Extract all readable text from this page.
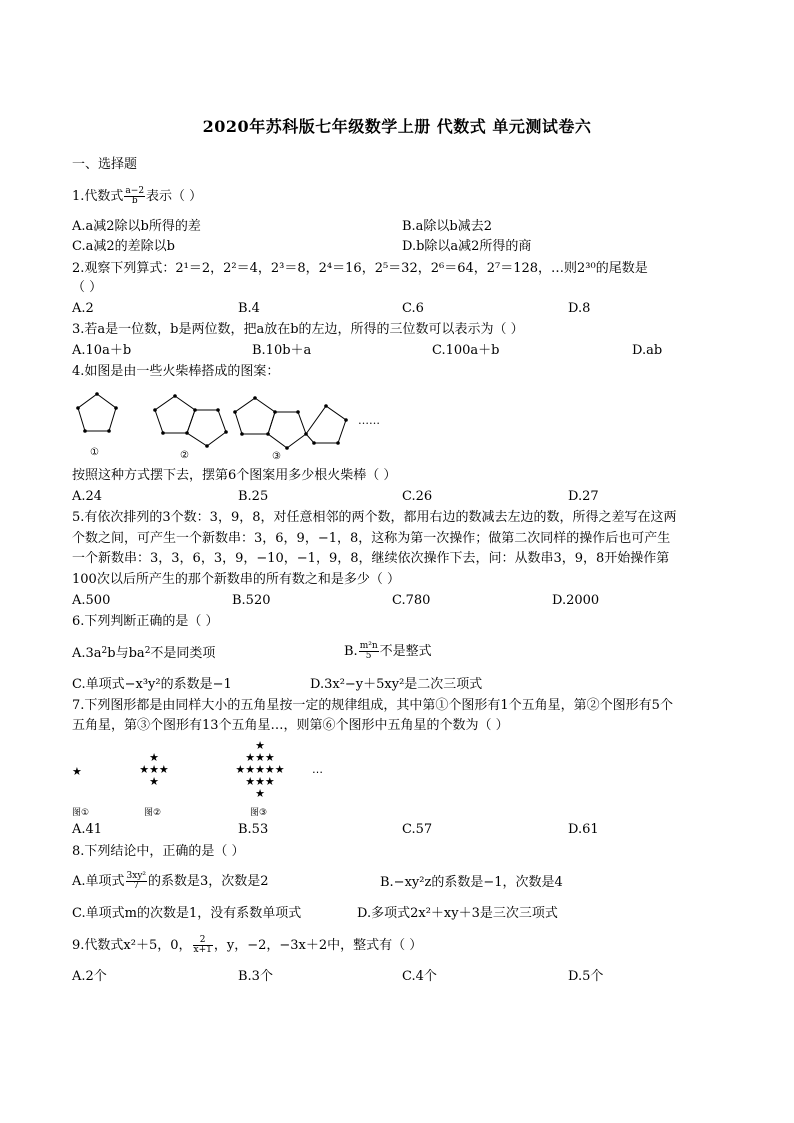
2020年苏科版七年级数学上册 代数式 单元测试卷六
一、选择题
1.代数式 $\frac{a-2}{b}$ 表示（ ）
A.a减2除以b所得的差	B.a除以b减去2
C.a减2的差除以b	D.b除以a减2所得的商
2.观察下列算式：2¹＝2，2²＝4，2³＝8，2⁴＝16，2⁵＝32，2⁶＝64，2⁷＝128，…则2³⁰的尾数是
（ ）
A.2	B.4	C.6	D.8
3.若a是一位数，b是两位数，把a放在b的左边，所得的三位数可以表示为（ ）
A.10a＋b	B.10b＋a	C.100a＋b	D.ab
4.如图是由一些火柴棒搭成的图案：
①	②	③
……
按照这种方式摆下去，摆第6个图案用多少根火柴棒（ ）
A.24	B.25	C.26	D.27
5.有依次排列的3个数：3，9，8，对任意相邻的两个数，都用右边的数减去左边的数，所得之差写在这两
个数之间，可产生一个新数串：3，6，9，−1，8，这称为第一次操作；做第二次同样的操作后也可产生
一个新数串：3，3，6，3，9，−10，−1，9，8，继续依次操作下去，问：从数串3，9，8开始操作第
100次以后所产生的那个新数串的所有数之和是多少（ ）
A.500	B.520	C.780	D.2000
6.下列判断正确的是（ ）
$A.3a^2b$与$ba^2$不是同类项	B. $\frac{\text{m²n}}{5}$ 不是整式
C.单项式−x³y²的系数是−1	D.3x²−y＋5xy²是二次三项式
7.下列图形都是由同样大小的五角星按一定的规律组成，其中第①个图形有1个五角星，第②个图形有5个
五角星，第③个图形有13个五角星…，则第⑥个图形中五角星的个数为（ ）
★
★
★★★
★
★
★★★
★★★★★
★★★
★
…
图①	图②	图③
A.41	B.53	C.57	D.61
8.下列结论中，正确的是（ ）
A.单项式 $\frac{\text{3xy²}}{7}$ 的系数是3，次数是2	B.−xy²z的系数是−1，次数是4
C.单项式m的次数是1，没有系数单项式	D.多项式2x²＋xy＋3是三次三项式
9.代数式x²＋5，0， $\frac{2}{x+1}$ ，y，−2，−3x＋2中，整式有（ ）
A.2个	B.3个	C.4个	D.5个
